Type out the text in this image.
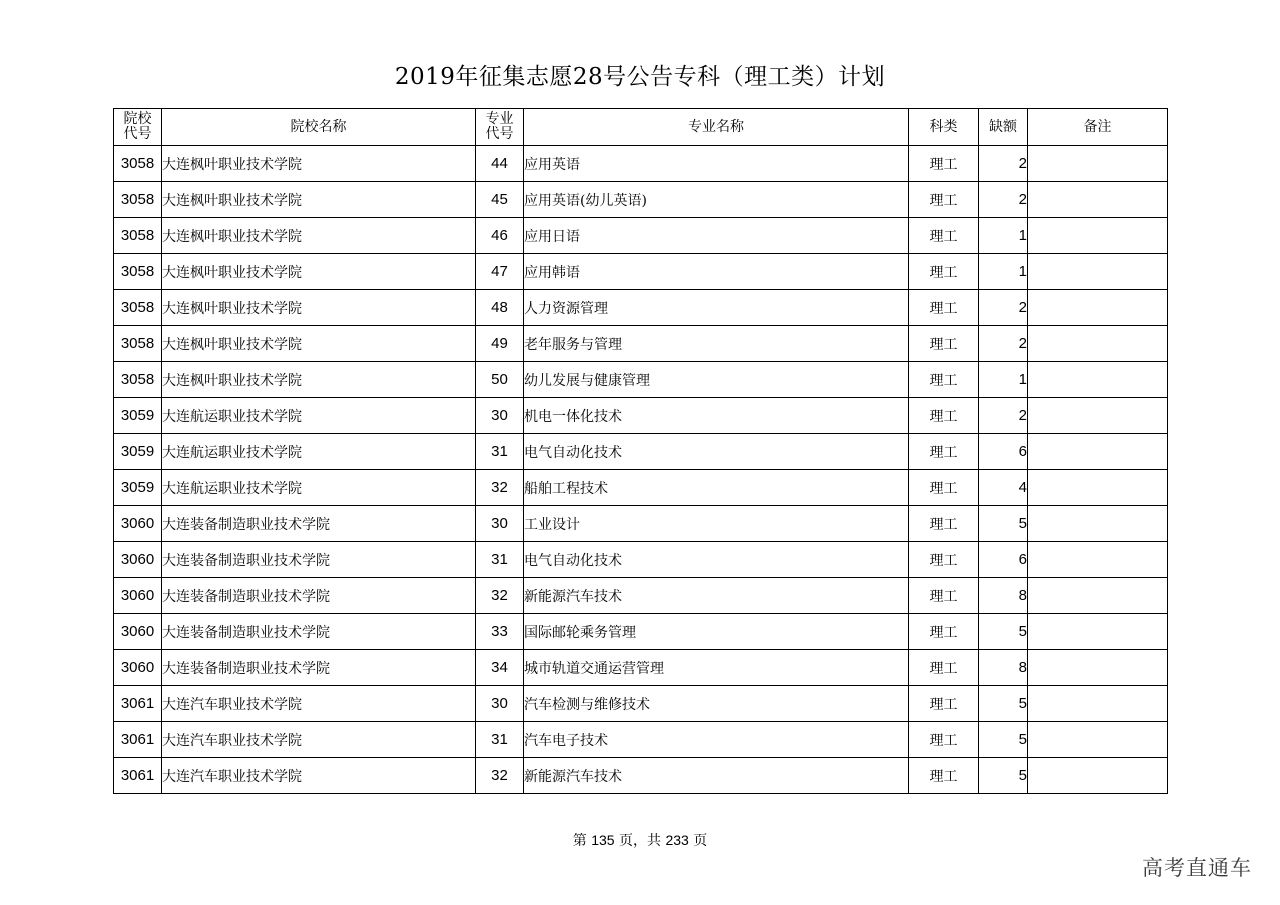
2019年征集志愿28号公告专科（理工类）计划
院校代号	院校名称	专业代号	专业名称	科类	缺额	备注
3058	大连枫叶职业技术学院	44	应用英语	理工	2	
3058	大连枫叶职业技术学院	45	应用英语(幼儿英语)	理工	2	
3058	大连枫叶职业技术学院	46	应用日语	理工	1	
3058	大连枫叶职业技术学院	47	应用韩语	理工	1	
3058	大连枫叶职业技术学院	48	人力资源管理	理工	2	
3058	大连枫叶职业技术学院	49	老年服务与管理	理工	2	
3058	大连枫叶职业技术学院	50	幼儿发展与健康管理	理工	1	
3059	大连航运职业技术学院	30	机电一体化技术	理工	2	
3059	大连航运职业技术学院	31	电气自动化技术	理工	6	
3059	大连航运职业技术学院	32	船舶工程技术	理工	4	
3060	大连装备制造职业技术学院	30	工业设计	理工	5	
3060	大连装备制造职业技术学院	31	电气自动化技术	理工	6	
3060	大连装备制造职业技术学院	32	新能源汽车技术	理工	8	
3060	大连装备制造职业技术学院	33	国际邮轮乘务管理	理工	5	
3060	大连装备制造职业技术学院	34	城市轨道交通运营管理	理工	8	
3061	大连汽车职业技术学院	30	汽车检测与维修技术	理工	5	
3061	大连汽车职业技术学院	31	汽车电子技术	理工	5	
3061	大连汽车职业技术学院	32	新能源汽车技术	理工	5	
第 135 页，共 233 页
高考直通车
